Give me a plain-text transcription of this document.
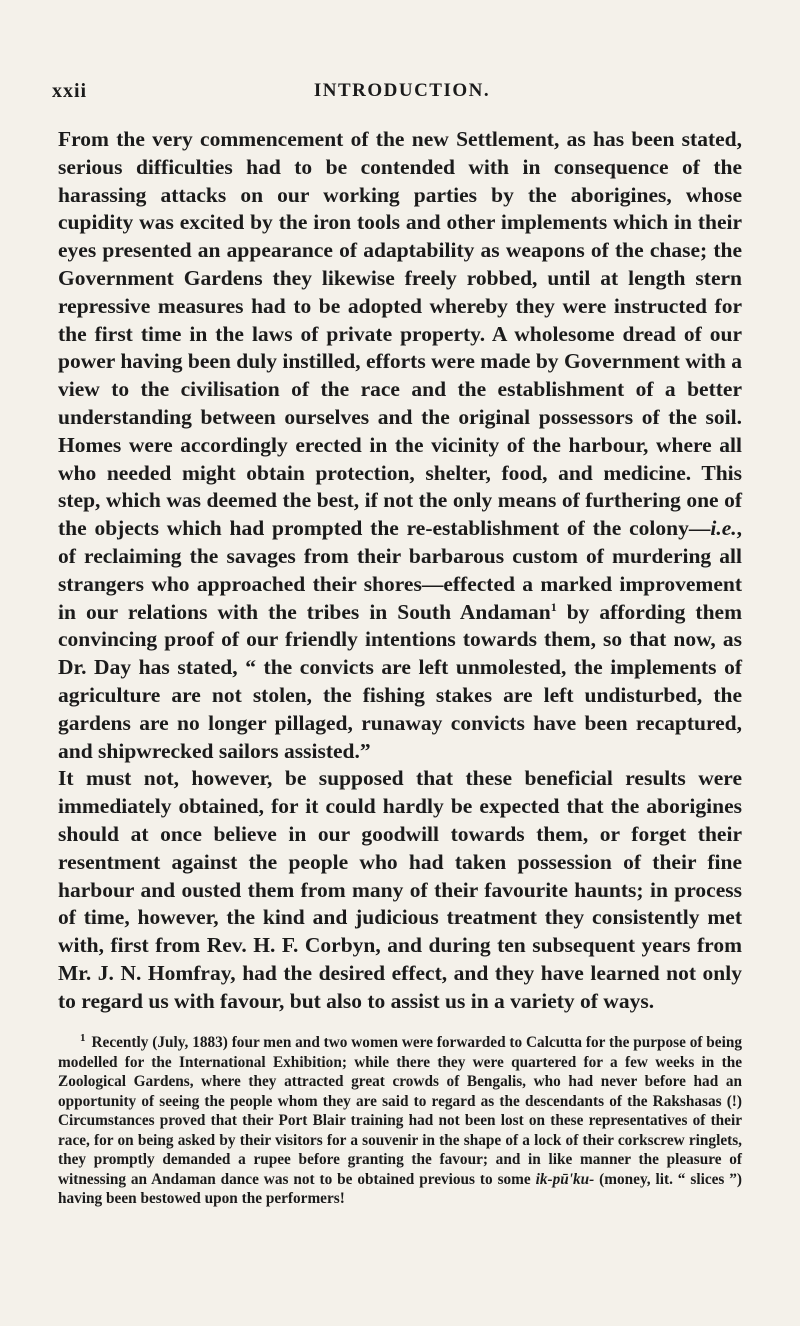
xxii	INTRODUCTION.

From the very commencement of the new Settlement, as has been stated, serious difficulties had to be contended with in consequence of the harassing attacks on our working parties by the aborigines, whose cupidity was excited by the iron tools and other implements which in their eyes presented an appearance of adaptability as weapons of the chase; the Government Gardens they likewise freely robbed, until at length stern repressive measures had to be adopted whereby they were instructed for the first time in the laws of private property. A wholesome dread of our power having been duly instilled, efforts were made by Government with a view to the civilisation of the race and the establishment of a better understanding between ourselves and the original possessors of the soil. Homes were accordingly erected in the vicinity of the harbour, where all who needed might obtain protection, shelter, food, and medicine. This step, which was deemed the best, if not the only means of furthering one of the objects which had prompted the re-establishment of the colony—i.e., of reclaiming the savages from their barbarous custom of murdering all strangers who approached their shores—effected a marked improvement in our relations with the tribes in South Andaman$^1$ by affording them convincing proof of our friendly intentions towards them, so that now, as Dr. Day has stated, “ the convicts are left unmolested, the implements of agriculture are not stolen, the fishing stakes are left undisturbed, the gardens are no longer pillaged, runaway convicts have been recaptured, and shipwrecked sailors assisted.”

It must not, however, be supposed that these beneficial results were immediately obtained, for it could hardly be expected that the aborigines should at once believe in our goodwill towards them, or forget their resentment against the people who had taken possession of their fine harbour and ousted them from many of their favourite haunts; in process of time, however, the kind and judicious treatment they consistently met with, first from Rev. H. F. Corbyn, and during ten subsequent years from Mr. J. N. Homfray, had the desired effect, and they have learned not only to regard us with favour, but also to assist us in a variety of ways.

$^1$ Recently (July, 1883) four men and two women were forwarded to Calcutta for the purpose of being modelled for the International Exhibition; while there they were quartered for a few weeks in the Zoological Gardens, where they attracted great crowds of Bengalis, who had never before had an opportunity of seeing the people whom they are said to regard as the descendants of the Rakshasas (!) Circumstances proved that their Port Blair training had not been lost on these representatives of their race, for on being asked by their visitors for a souvenir in the shape of a lock of their corkscrew ringlets, they promptly demanded a rupee before granting the favour; and in like manner the pleasure of witnessing an Andaman dance was not to be obtained previous to some ik-pū'ku- (money, lit. “ slices ”) having been bestowed upon the performers!
